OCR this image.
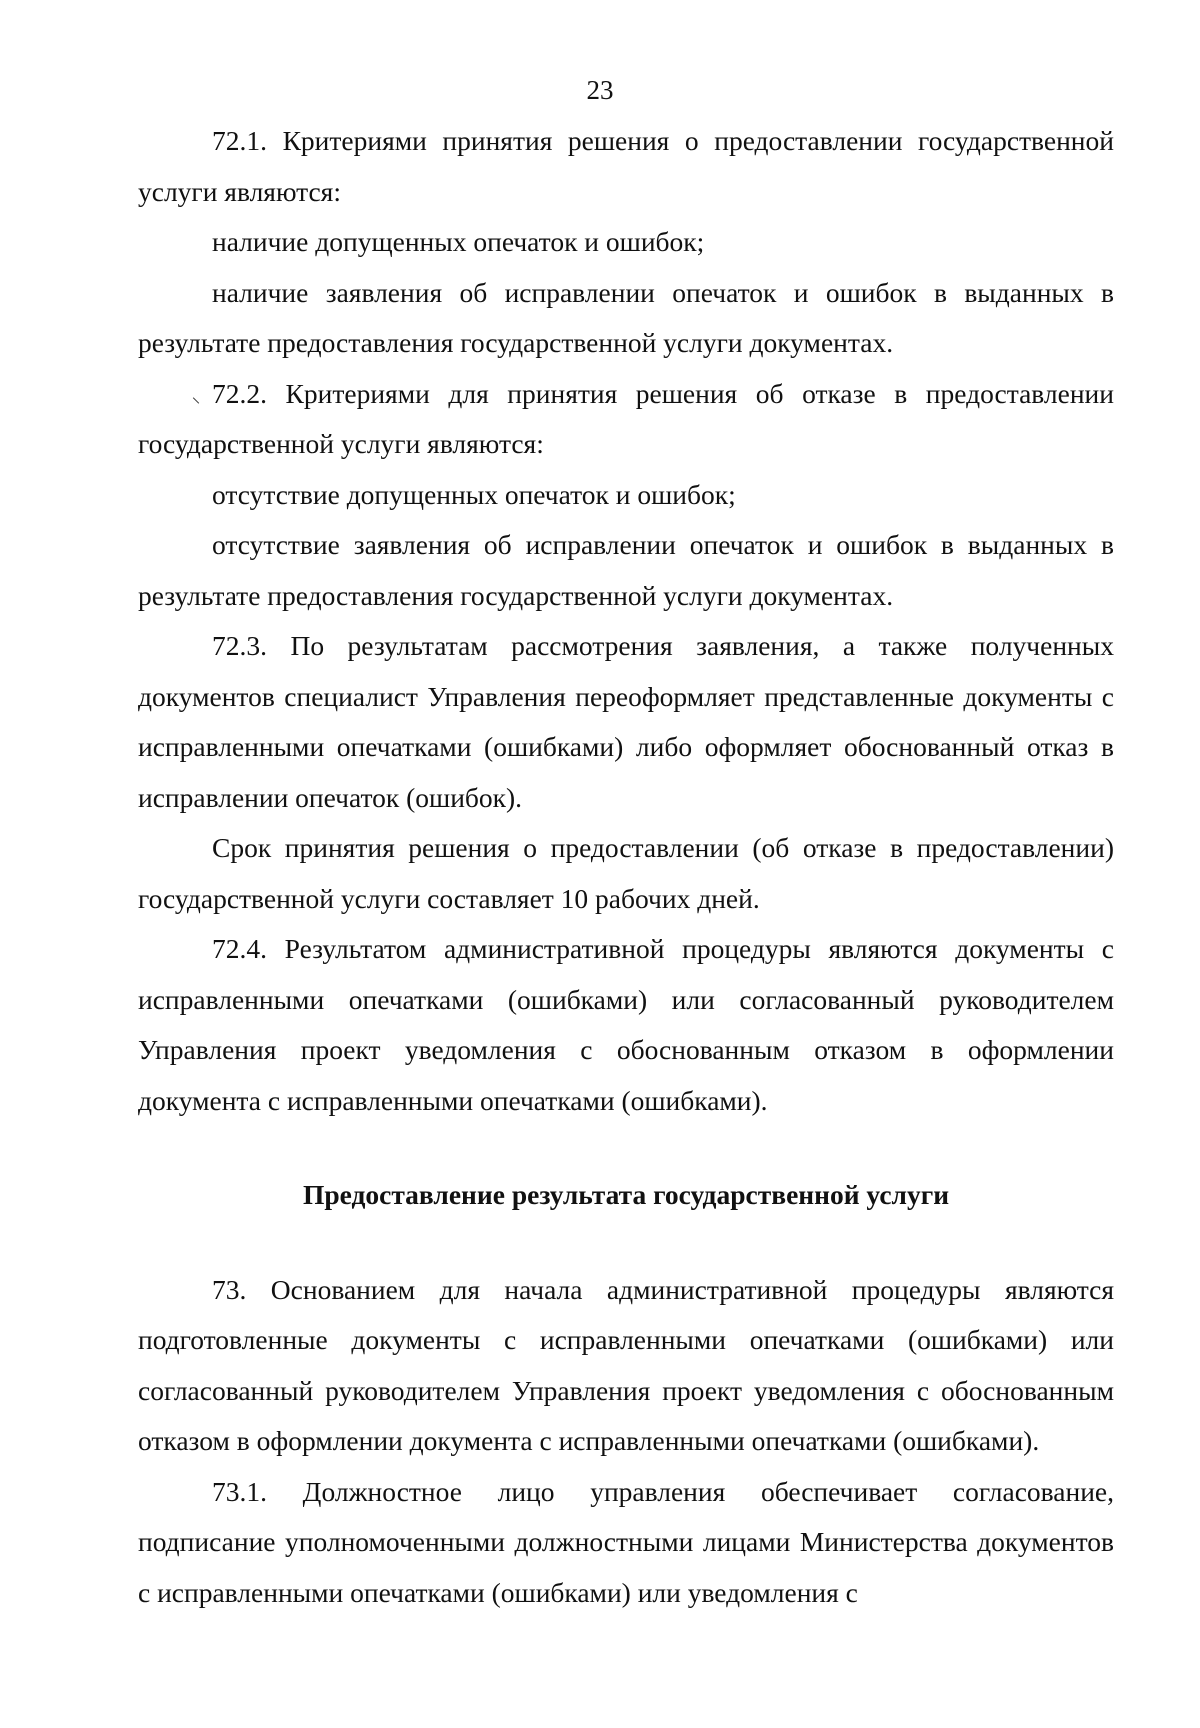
23

72.1. Критериями принятия решения о предоставлении государственной услуги являются:

наличие допущенных опечаток и ошибок;

наличие заявления об исправлении опечаток и ошибок в выданных в результате предоставления государственной услуги документах.

72.2. Критериями для принятия решения об отказе в предоставлении государственной услуги являются:

отсутствие допущенных опечаток и ошибок;

отсутствие заявления об исправлении опечаток и ошибок в выданных в результате предоставления государственной услуги документах.

72.3. По результатам рассмотрения заявления, а также полученных документов специалист Управления переоформляет представленные документы с исправленными опечатками (ошибками) либо оформляет обоснованный отказ в исправлении опечаток (ошибок).

Срок принятия решения о предоставлении (об отказе в предоставлении) государственной услуги составляет 10 рабочих дней.

72.4. Результатом административной процедуры являются документы с исправленными опечатками (ошибками) или согласованный руководителем Управления проект уведомления с обоснованным отказом в оформлении документа с исправленными опечатками (ошибками).

Предоставление результата государственной услуги

73. Основанием для начала административной процедуры являются подготовленные документы с исправленными опечатками (ошибками) или согласованный руководителем Управления проект уведомления с обоснованным отказом в оформлении документа с исправленными опечатками (ошибками).

73.1. Должностное лицо управления обеспечивает согласование, подписание уполномоченными должностными лицами Министерства документов с исправленными опечатками (ошибками) или уведомления с
